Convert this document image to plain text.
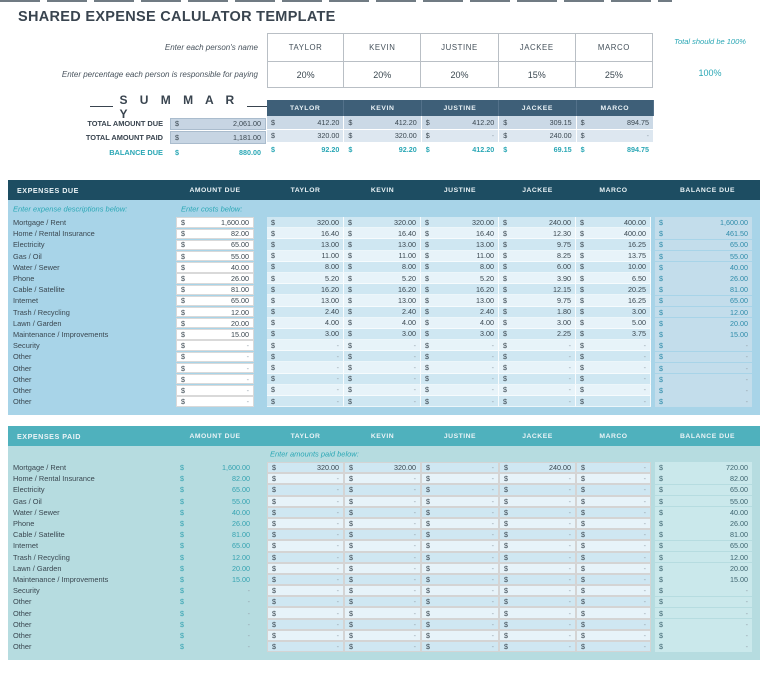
SHARED EXPENSE CALULATOR TEMPLATE
Enter each person's name
Enter percentage each person is responsible for paying
TAYLOR	KEVIN	JUSTINE	JACKEE	MARCO
20%	20%	20%	15%	25%
Total should be 100%
100%
S U M M A R Y
TOTAL AMOUNT DUE	$	2,061.00
TOTAL AMOUNT PAID	$	1,181.00
BALANCE DUE	$	880.00
TAYLOR	KEVIN	JUSTINE	JACKEE	MARCO
$	412.20 $	412.20 $	412.20 $	309.15 $	894.75
$	320.00 $	320.00 $	- $	240.00 $	-
$	92.20 $	92.20 $	412.20 $	69.15 $	894.75
EXPENSES DUE	AMOUNT DUE	TAYLOR	KEVIN	JUSTINE	JACKEE	MARCO	BALANCE DUE
Enter expense descriptions below:	Enter costs below:
Mortgage / Rent	$	1,600.00	$	320.00 $	320.00 $	320.00 $	240.00 $	400.00 $	1,600.00
Home / Rental Insurance	$	82.00	$	16.40 $	16.40 $	16.40 $	12.30 $	400.00 $	461.50
Electricity	$	65.00	$	13.00 $	13.00 $	13.00 $	9.75 $	16.25 $	65.00
Gas / Oil	$	55.00	$	11.00 $	11.00 $	11.00 $	8.25 $	13.75 $	55.00
Water / Sewer	$	40.00	$	8.00 $	8.00 $	8.00 $	6.00 $	10.00 $	40.00
Phone	$	26.00	$	5.20 $	5.20 $	5.20 $	3.90 $	6.50 $	26.00
Cable / Satellite	$	81.00	$	16.20 $	16.20 $	16.20 $	12.15 $	20.25 $	81.00
Internet	$	65.00	$	13.00 $	13.00 $	13.00 $	9.75 $	16.25 $	65.00
Trash / Recycling	$	12.00	$	2.40 $	2.40 $	2.40 $	1.80 $	3.00 $	12.00
Lawn / Garden	$	20.00	$	4.00 $	4.00 $	4.00 $	3.00 $	5.00 $	20.00
Maintenance / Improvements	$	15.00	$	3.00 $	3.00 $	3.00 $	2.25 $	3.75 $	15.00
Security	$	-	$	- $	- $	- $	- $	- $	-
Other	$	-	$	- $	- $	- $	- $	- $	-
Other	$	-	$	- $	- $	- $	- $	- $	-
Other	$	-	$	- $	- $	- $	- $	- $	-
Other	$	-	$	- $	- $	- $	- $	- $	-
Other	$	-	$	- $	- $	- $	- $	- $	-
EXPENSES PAID	AMOUNT DUE	TAYLOR	KEVIN	JUSTINE	JACKEE	MARCO	BALANCE DUE
Enter amounts paid below:
Mortgage / Rent	$	1,600.00	$	320.00 $	320.00 $	- $	240.00 $	- $	720.00
Home / Rental Insurance	$	82.00	$	- $	- $	- $	- $	- $	82.00
Electricity	$	65.00	$	- $	- $	- $	- $	- $	65.00
Gas / Oil	$	55.00	$	- $	- $	- $	- $	- $	55.00
Water / Sewer	$	40.00	$	- $	- $	- $	- $	- $	40.00
Phone	$	26.00	$	- $	- $	- $	- $	- $	26.00
Cable / Satellite	$	81.00	$	- $	- $	- $	- $	- $	81.00
Internet	$	65.00	$	- $	- $	- $	- $	- $	65.00
Trash / Recycling	$	12.00	$	- $	- $	- $	- $	- $	12.00
Lawn / Garden	$	20.00	$	- $	- $	- $	- $	- $	20.00
Maintenance / Improvements	$	15.00	$	- $	- $	- $	- $	- $	15.00
Security	$	-	$	- $	- $	- $	- $	- $	-
Other	$	-	$	- $	- $	- $	- $	- $	-
Other	$	-	$	- $	- $	- $	- $	- $	-
Other	$	-	$	- $	- $	- $	- $	- $	-
Other	$	-	$	- $	- $	- $	- $	- $	-
Other	$	-	$	- $	- $	- $	- $	- $	-
